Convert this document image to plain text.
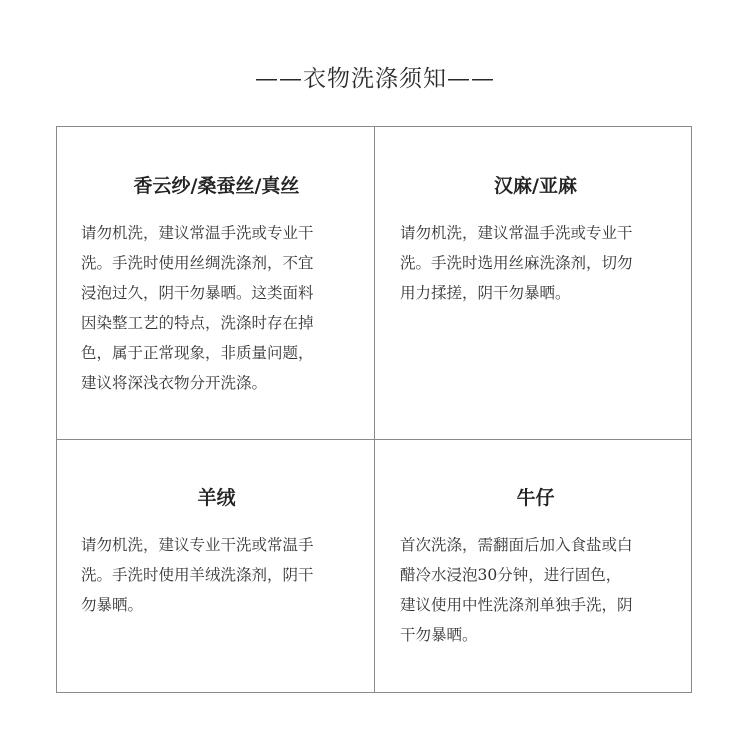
——衣物洗涤须知——
香云纱/桑蚕丝/真丝
请勿机洗，建议常温手洗或专业干
洗。手洗时使用丝绸洗涤剂，不宜
浸泡过久，阴干勿暴晒。这类面料
因染整工艺的特点，洗涤时存在掉
色，属于正常现象，非质量问题，
建议将深浅衣物分开洗涤。
汉麻/亚麻
请勿机洗，建议常温手洗或专业干
洗。手洗时选用丝麻洗涤剂，切勿
用力揉搓，阴干勿暴晒。
羊绒
请勿机洗，建议专业干洗或常温手
洗。手洗时使用羊绒洗涤剂，阴干
勿暴晒。
牛仔
首次洗涤，需翻面后加入食盐或白
醋冷水浸泡30分钟，进行固色，
建议使用中性洗涤剂单独手洗，阴
干勿暴晒。
